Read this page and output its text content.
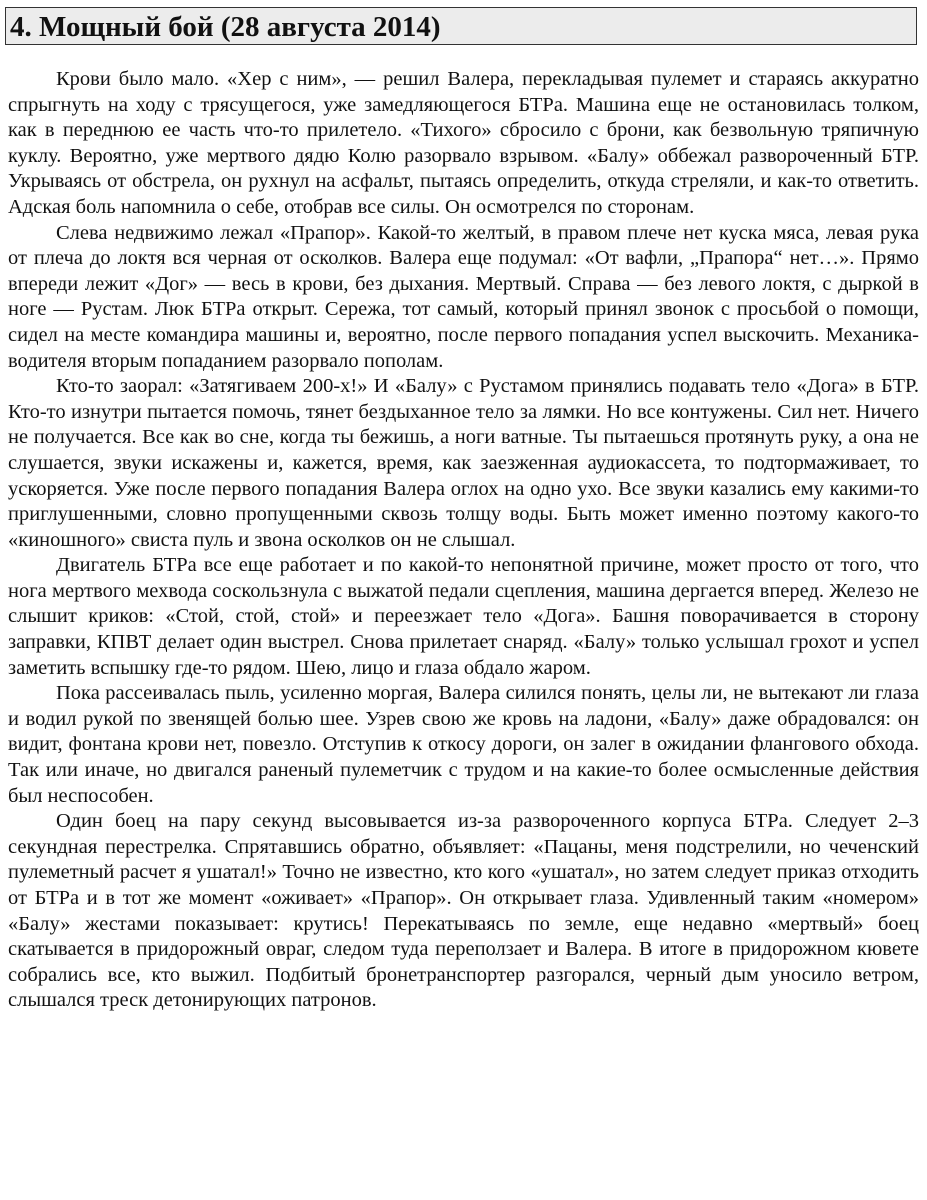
4. Мощный бой (28 августа 2014)

Крови было мало. «Хер с ним», — решил Валера, перекладывая пулемет и стараясь аккуратно спрыгнуть на ходу с трясущегося, уже замедляющегося БТРа. Машина еще не остановилась толком, как в переднюю ее часть что-то прилетело. «Тихого» сбросило с брони, как безвольную тряпичную куклу. Вероятно, уже мертвого дядю Колю разорвало взрывом. «Балу» оббежал развороченный БТР. Укрываясь от обстрела, он рухнул на асфальт, пытаясь определить, откуда стреляли, и как-то ответить. Адская боль напомнила о себе, отобрав все силы. Он осмотрелся по сторонам.

Слева недвижимо лежал «Прапор». Какой-то желтый, в правом плече нет куска мяса, левая рука от плеча до локтя вся черная от осколков. Валера еще подумал: «От вафли, „Прапора“ нет…». Прямо впереди лежит «Дог» — весь в крови, без дыхания. Мертвый. Справа — без левого локтя, с дыркой в ноге — Рустам. Люк БТРа открыт. Сережа, тот самый, который принял звонок с просьбой о помощи, сидел на месте командира машины и, вероятно, после первого попадания успел выскочить. Механика-водителя вторым попаданием разорвало пополам.

Кто-то заорал: «Затягиваем 200-х!» И «Балу» с Рустамом принялись подавать тело «Дога» в БТР. Кто-то изнутри пытается помочь, тянет бездыханное тело за лямки. Но все контужены. Сил нет. Ничего не получается. Все как во сне, когда ты бежишь, а ноги ватные. Ты пытаешься протянуть руку, а она не слушается, звуки искажены и, кажется, время, как заезженная аудиокассета, то подтормаживает, то ускоряется. Уже после первого попадания Валера оглох на одно ухо. Все звуки казались ему какими-то приглушенными, словно пропущенными сквозь толщу воды. Быть может именно поэтому какого-то «киношного» свиста пуль и звона осколков он не слышал.

Двигатель БТРа все еще работает и по какой-то непонятной причине, может просто от того, что нога мертвого мехвода соскользнула с выжатой педали сцепления, машина дергается вперед. Железо не слышит криков: «Стой, стой, стой» и переезжает тело «Дога». Башня поворачивается в сторону заправки, КПВТ делает один выстрел. Снова прилетает снаряд. «Балу» только услышал грохот и успел заметить вспышку где-то рядом. Шею, лицо и глаза обдало жаром.

Пока рассеивалась пыль, усиленно моргая, Валера силился понять, целы ли, не вытекают ли глаза и водил рукой по звенящей болью шее. Узрев свою же кровь на ладони, «Балу» даже обрадовался: он видит, фонтана крови нет, повезло. Отступив к откосу дороги, он залег в ожидании флангового обхода. Так или иначе, но двигался раненый пулеметчик с трудом и на какие-то более осмысленные действия был неспособен.

Один боец на пару секунд высовывается из-за развороченного корпуса БТРа. Следует 2–3 секундная перестрелка. Спрятавшись обратно, объявляет: «Пацаны, меня подстрелили, но чеченский пулеметный расчет я ушатал!» Точно не известно, кто кого «ушатал», но затем следует приказ отходить от БТРа и в тот же момент «оживает» «Прапор». Он открывает глаза. Удивленный таким «номером» «Балу» жестами показывает: крутись! Перекатываясь по земле, еще недавно «мертвый» боец скатывается в придорожный овраг, следом туда переползает и Валера. В итоге в придорожном кювете собрались все, кто выжил. Подбитый бронетранспортер разгорался, черный дым уносило ветром, слышался треск детонирующих патронов.
